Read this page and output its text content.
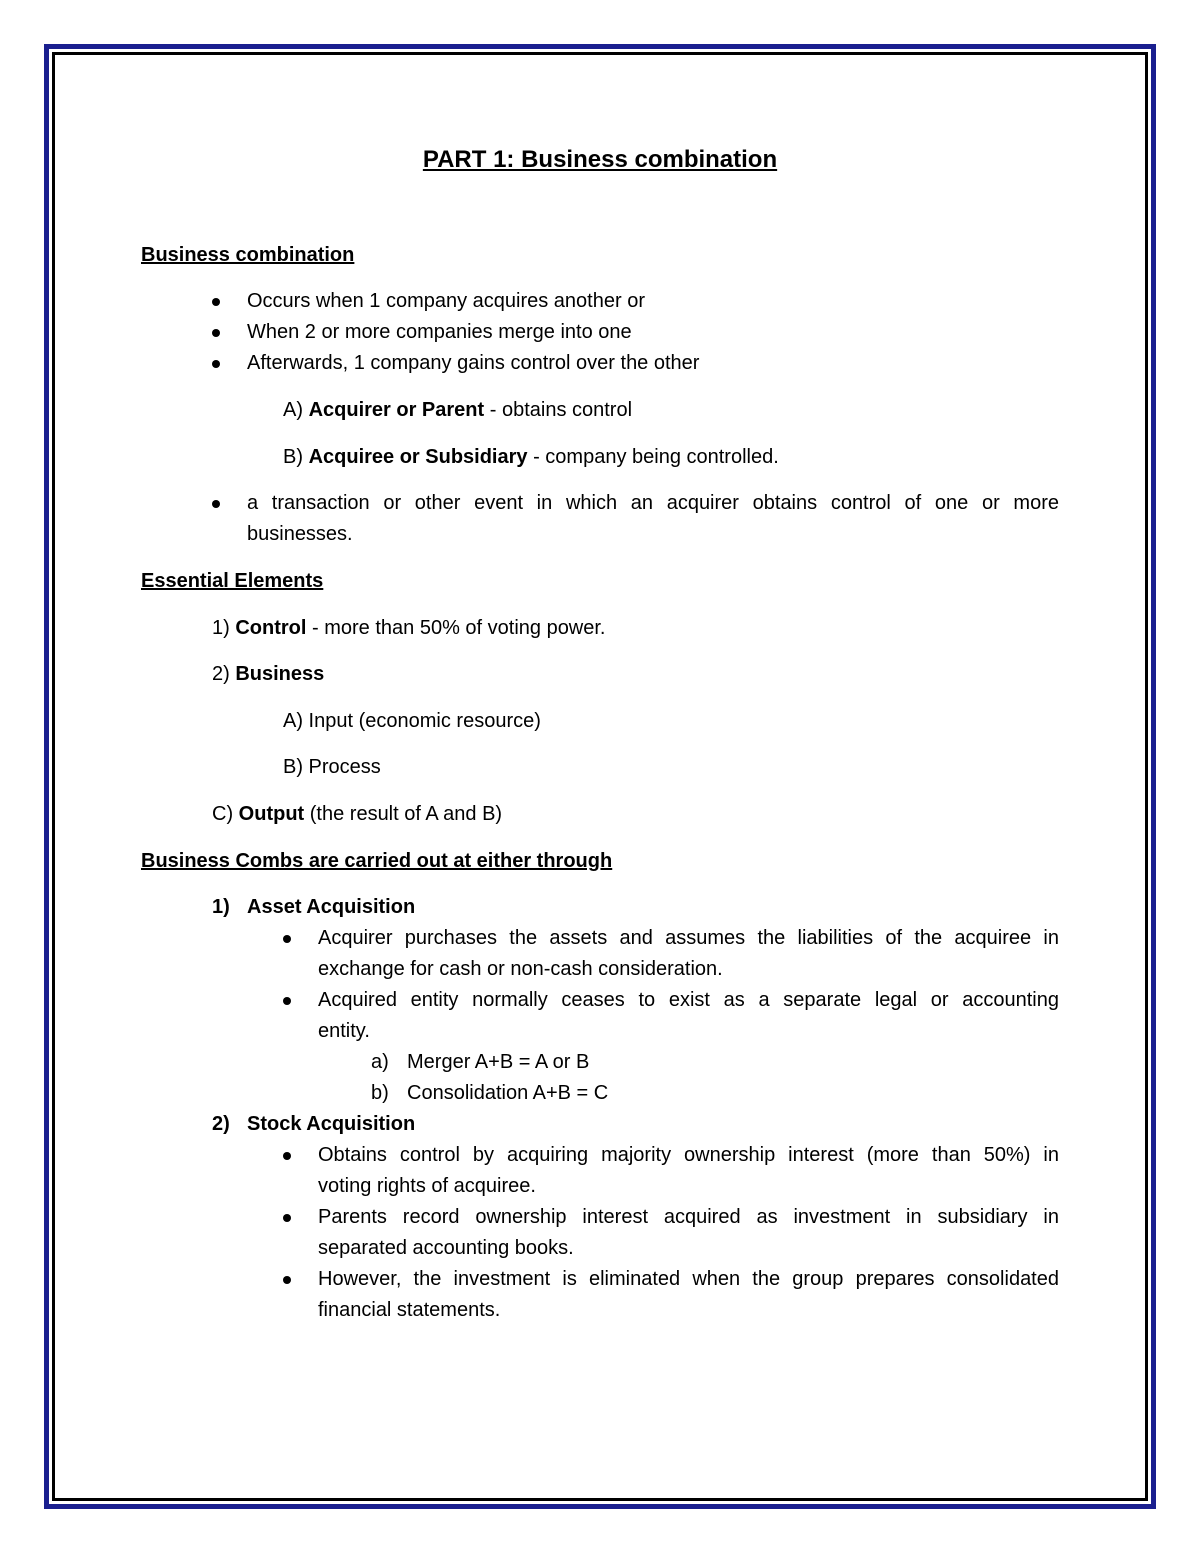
PART 1: Business combination
Business combination
Occurs when 1 company acquires another or
When 2 or more companies merge into one
Afterwards, 1 company gains control over the other
A) Acquirer or Parent - obtains control
B) Acquiree or Subsidiary - company being controlled.
a transaction or other event in which an acquirer obtains control of one or more
businesses.
Essential Elements
1) Control - more than 50% of voting power.
2) Business
A) Input (economic resource)
B) Process
C) Output (the result of A and B)
Business Combs are carried out at either through
1) Asset Acquisition
Acquirer purchases the assets and assumes the liabilities of the acquiree in
exchange for cash or non-cash consideration.
Acquired entity normally ceases to exist as a separate legal or accounting
entity.
a) Merger A+B = A or B
b) Consolidation A+B = C
2) Stock Acquisition
Obtains control by acquiring majority ownership interest (more than 50%) in
voting rights of acquiree.
Parents record ownership interest acquired as investment in subsidiary in
separated accounting books.
However, the investment is eliminated when the group prepares consolidated
financial statements.
